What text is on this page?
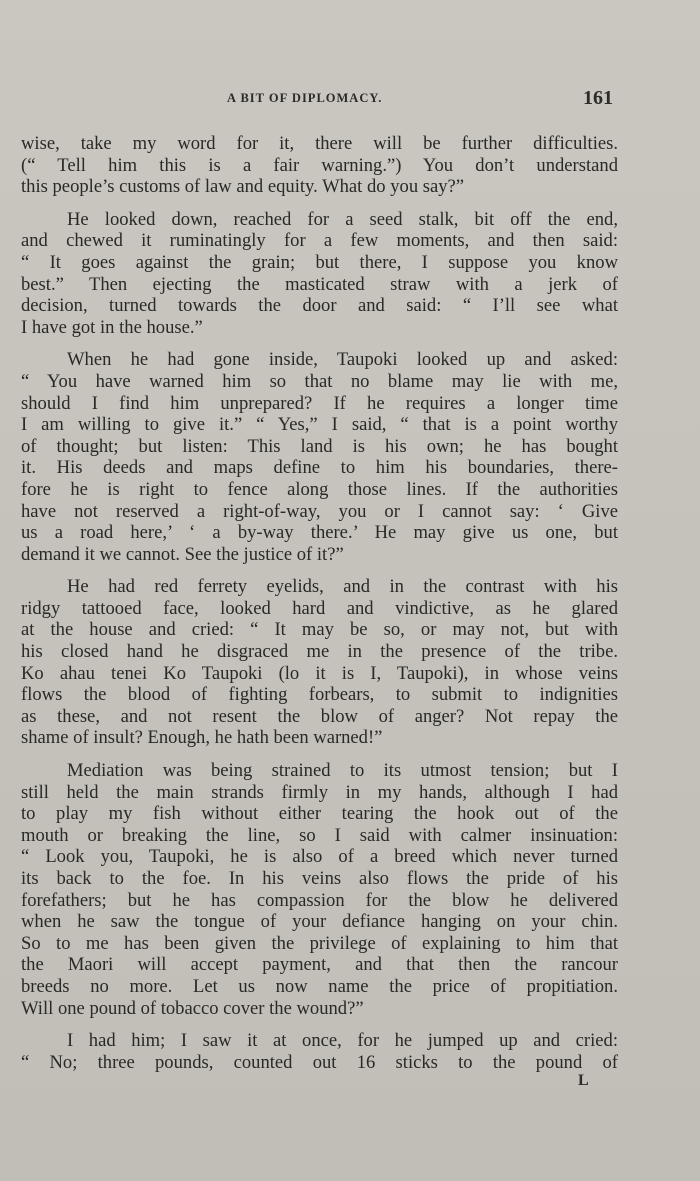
A BIT OF DIPLOMACY.	161

wise, take my word for it, there will be further difficulties.
(“ Tell him this is a fair warning.”) You don’t understand
this people’s customs of law and equity. What do you say?”

He looked down, reached for a seed stalk, bit off the end,
and chewed it ruminatingly for a few moments, and then said:
“ It goes against the grain; but there, I suppose you know
best.” Then ejecting the masticated straw with a jerk of
decision, turned towards the door and said: “ I’ll see what
I have got in the house.”

When he had gone inside, Taupoki looked up and asked:
“ You have warned him so that no blame may lie with me,
should I find him unprepared? If he requires a longer time
I am willing to give it.” “ Yes,” I said, “ that is a point worthy
of thought; but listen: This land is his own; he has bought
it. His deeds and maps define to him his boundaries, there-
fore he is right to fence along those lines. If the authorities
have not reserved a right-of-way, you or I cannot say: ‘ Give
us a road here,’ ‘ a by-way there.’ He may give us one, but
demand it we cannot. See the justice of it?”

He had red ferrety eyelids, and in the contrast with his
ridgy tattooed face, looked hard and vindictive, as he glared
at the house and cried: “ It may be so, or may not, but with
his closed hand he disgraced me in the presence of the tribe.
Ko ahau tenei Ko Taupoki (lo it is I, Taupoki), in whose veins
flows the blood of fighting forbears, to submit to indignities
as these, and not resent the blow of anger? Not repay the
shame of insult? Enough, he hath been warned!”

Mediation was being strained to its utmost tension; but I
still held the main strands firmly in my hands, although I had
to play my fish without either tearing the hook out of the
mouth or breaking the line, so I said with calmer insinuation:
“ Look you, Taupoki, he is also of a breed which never turned
its back to the foe. In his veins also flows the pride of his
forefathers; but he has compassion for the blow he delivered
when he saw the tongue of your defiance hanging on your chin.
So to me has been given the privilege of explaining to him that
the Maori will accept payment, and that then the rancour
breeds no more. Let us now name the price of propitiation.
Will one pound of tobacco cover the wound?”

I had him; I saw it at once, for he jumped up and cried:
“ No; three pounds, counted out 16 sticks to the pound of

L
